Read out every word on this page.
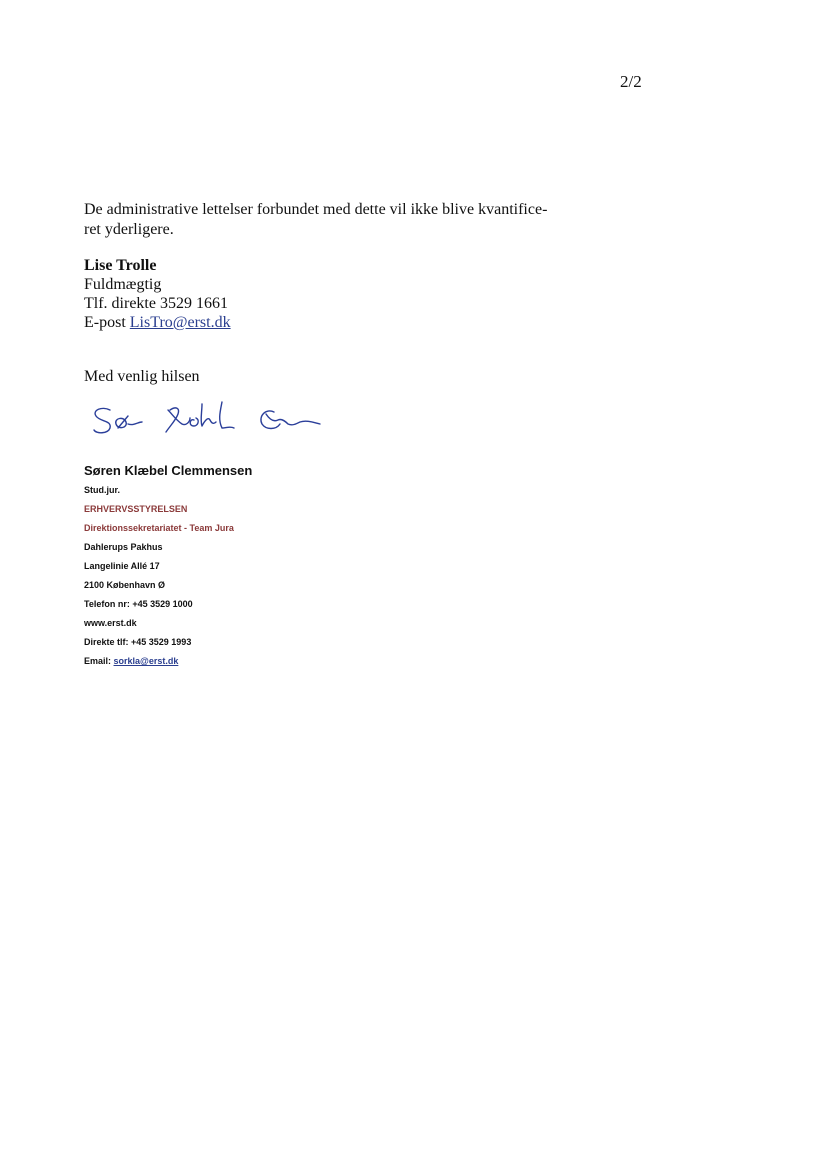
2/2
De administrative lettelser forbundet med dette vil ikke blive kvantifice-
ret yderligere.
Lise Trolle
Fuldmægtig
Tlf. direkte 3529 1661
E-post LisTro@erst.dk
Med venlig hilsen
Søren Klæbel Clemmensen
Stud.jur.
ERHVERVSSTYRELSEN
Direktionssekretariatet - Team Jura
Dahlerups Pakhus
Langelinie Allé 17
2100 København Ø
Telefon nr: +45 3529 1000
www.erst.dk
Direkte tlf: +45 3529 1993
Email: sorkla@erst.dk
